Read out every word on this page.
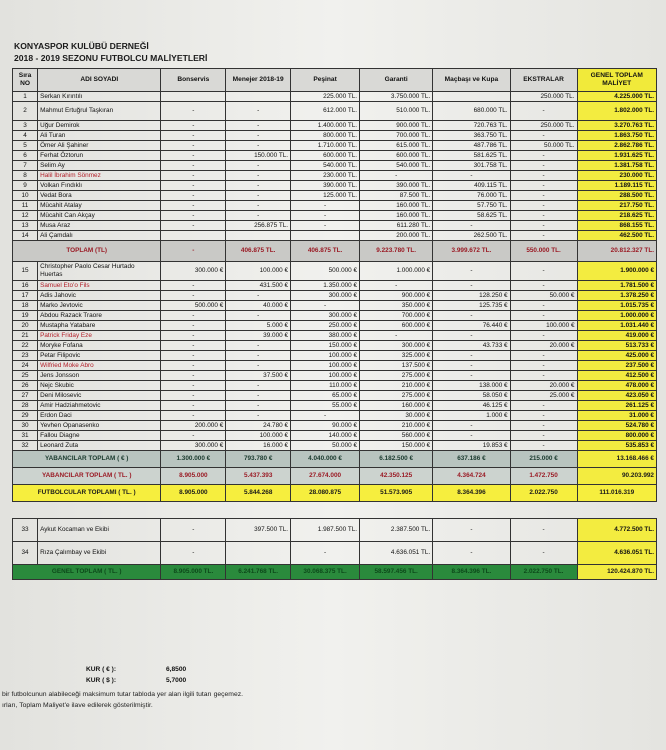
KONYASPOR KULÜBÜ DERNEĞİ
2018 - 2019 SEZONU FUTBOLCU MALİYETLERİ
Sıra NO	ADI SOYADI	Bonservis	Menejer 2018-19	Peşinat	Garanti	Maçbaşı ve Kupa	EKSTRALAR	GENEL TOPLAM MALİYET
1	Serkan Kırıntılı			225.000 TL.	3.750.000 TL.		250.000 TL.	4.225.000 TL.
2	Mahmut Ertuğrul Taşkıran	-	-	612.000 TL.	510.000 TL.	680.000 TL.	-	1.802.000 TL.
3	Uğur Demirok	-	-	1.400.000 TL.	900.000 TL.	720.763 TL.	250.000 TL.	3.270.763 TL.
4	Ali Turan	-	-	800.000 TL.	700.000 TL.	363.750 TL.	-	1.863.750 TL.
5	Ömer Ali Şahiner	-	-	1.710.000 TL.	615.000 TL.	487.786 TL.	50.000 TL.	2.862.786 TL.
6	Ferhat Öztorun	-	150.000 TL.	600.000 TL.	600.000 TL.	581.625 TL.	-	1.931.625 TL.
7	Selim Ay	-	-	540.000 TL.	540.000 TL.	301.758 TL.	-	1.381.758 TL.
8	Halil İbrahim Sönmez	-	-	230.000 TL.	-	-	-	230.000 TL.
9	Volkan Fındıklı	-	-	390.000 TL.	390.000 TL.	409.115 TL.	-	1.189.115 TL.
10	Vedat Bora	-	-	125.000 TL.	87.500 TL.	76.000 TL.	-	288.500 TL.
11	Mücahit Atalay	-	-	-	160.000 TL.	57.750 TL.	-	217.750 TL.
12	Mücahit Can Akçay	-	-	-	160.000 TL.	58.625 TL.	-	218.625 TL.
13	Musa Araz	-	256.875 TL.	-	611.280 TL.	-	-	868.155 TL.
14	Ali Çamdalı				200.000 TL.	262.500 TL.	-	462.500 TL.
TOPLAM (TL)		-	406.875 TL.	406.875 TL.	9.223.780 TL.	3.999.672 TL.	550.000 TL.	20.812.327 TL.
15	Christopher Paolo Cesar Hurtado Huertas	300.000 €	100.000 €	500.000 €	1.000.000 €	-	-	1.900.000 €
16	Samuel Eto'o Fils	-	431.500 €	1.350.000 €	-	-	-	1.781.500 €
17	Adis Jahovic	-	-	300.000 €	900.000 €	128.250 €	50.000 €	1.378.250 €
18	Marko Jevtovic	500.000 €	40.000 €	-	350.000 €	125.735 €	-	1.015.735 €
19	Abdou Razack Traore	-	-	300.000 €	700.000 €	-	-	1.000.000 €
20	Mustapha Yatabare	-	5.000 €	250.000 €	600.000 €	76.440 €	100.000 €	1.031.440 €
21	Patrick Friday Eze	-	39.000 €	380.000 €	-	-	-	419.000 €
22	Moryke Fofana	-	-	150.000 €	300.000 €	43.733 €	20.000 €	513.733 €
23	Petar Filipovic	-	-	100.000 €	325.000 €	-	-	425.000 €
24	Wilfried Moke Abro	-	-	100.000 €	137.500 €	-	-	237.500 €
25	Jens Jonsson	-	37.500 €	100.000 €	275.000 €	-	-	412.500 €
26	Nejc Skubic	-	-	110.000 €	210.000 €	138.000 €	20.000 €	478.000 €
27	Deni Milosevic	-	-	65.000 €	275.000 €	58.050 €	25.000 €	423.050 €
28	Amir Hadziahmetovic	-	-	55.000 €	160.000 €	46.125 €	-	261.125 €
29	Erdon Daci	-	-	-	30.000 €	1.000 €	-	31.000 €
30	Yevhen Opanasenko	200.000 €	24.780 €	90.000 €	210.000 €	-	-	524.780 €
31	Fallou Diagne	-	100.000 €	140.000 €	560.000 €	-	-	800.000 €
32	Leonard Zuta	300.000 €	16.000 €	50.000 €	150.000 €	19.853 €	-	535.853 €
YABANCILAR TOPLAM ( € )		1.300.000 €	793.780 €	4.040.000 €	6.182.500 €	637.186 €	215.000 €	13.168.466 €
YABANCILAR TOPLAM ( TL. )		8.905.000	5.437.393	27.674.000	42.350.125	4.364.724	1.472.750	90.203.992
FUTBOLCULAR TOPLAMI ( TL. )		8.905.000	5.844.268	28.080.875	51.573.905	8.364.396	2.022.750	111.016.319

33	Aykut Kocaman ve Ekibi	-	397.500 TL.	1.987.500 TL.	2.387.500 TL.	-	-	4.772.500 TL.
34	Rıza Çalımbay ve Ekibi	-		-	4.636.051 TL.	-	-	4.636.051 TL.
GENEL TOPLAM ( TL. )		8.905.000 TL.	6.241.768 TL.	30.068.375 TL.	58.597.456 TL.	8.364.396 TL.	2.022.750 TL.	120.424.870 TL.
KUR ( € ):	6,8500
KUR ( $ ):	5,7000
bir futbolcunun alabileceği maksimum tutar tabloda yer alan ilgili tutarı geçemez.
ırları, Toplam Maliyet'e ilave edilerek gösterilmiştir.
